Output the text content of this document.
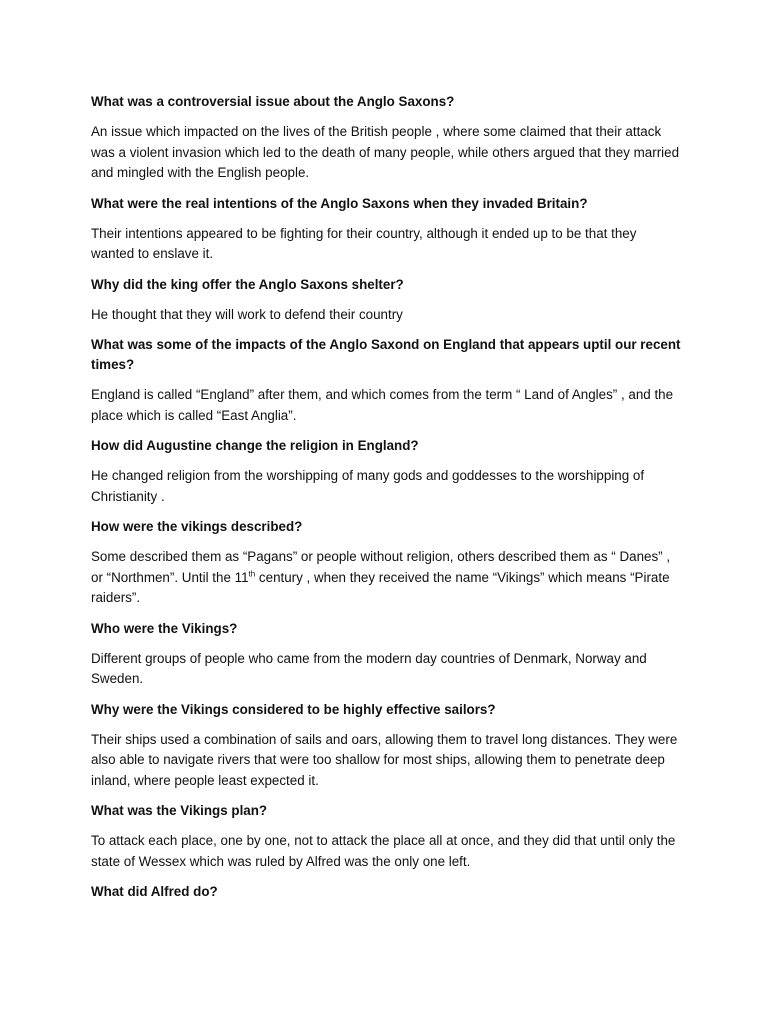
What was a controversial issue about the Anglo Saxons?

An issue which impacted on the lives of the British people , where some claimed that their attack was a violent invasion which led to the death of many people, while others argued that they married and mingled with the English people.

What were the real intentions of the Anglo Saxons when they invaded Britain?

Their intentions appeared to be fighting for their country, although it ended up to be that they wanted to enslave it.

Why did the king offer the Anglo Saxons shelter?

He thought that they will work to defend their country

What was some of the impacts of the Anglo Saxond on England that appears uptil our recent times?

England is called “England” after them, and which comes from the term “ Land of Angles” , and the place which is called “East Anglia”.

How did Augustine change the religion in England?

He changed religion from the worshipping of many gods and goddesses to the worshipping of Christianity .

How were the vikings described?

Some described them as “Pagans” or people without religion, others described them as “ Danes” , or “Northmen”. Until the 11th century , when they received the name “Vikings” which means “Pirate raiders”.

Who were the Vikings?

Different groups of people who came from the modern day countries of Denmark, Norway and Sweden.

Why were the Vikings considered to be highly effective sailors?

Their ships used a combination of sails and oars, allowing them to travel long distances. They were also able to navigate rivers that were too shallow for most ships, allowing them to penetrate deep inland, where people least expected it.

What was the Vikings plan?

To attack each place, one by one, not to attack the place all at once, and they did that until only the state of Wessex which was ruled by Alfred was the only one left.

What did Alfred do?
